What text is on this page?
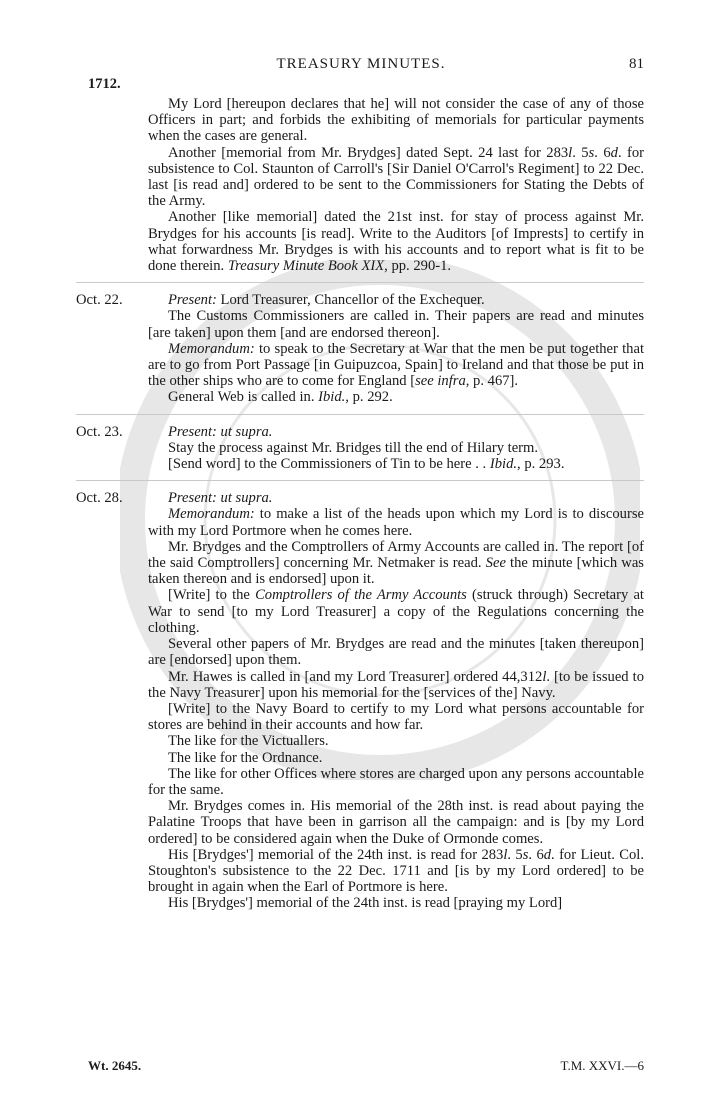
TREASURY MINUTES.	81
1712.

My Lord [hereupon declares that he] will not consider the case of any of those Officers in part; and forbids the exhibiting of memorials for particular payments when the cases are general.

Another [memorial from Mr. Brydges] dated Sept. 24 last for 283l. 5s. 6d. for subsistence to Col. Staunton of Carroll's [Sir Daniel O'Carrol's Regiment] to 22 Dec. last [is read and] ordered to be sent to the Commissioners for Stating the Debts of the Army.

Another [like memorial] dated the 21st inst. for stay of process against Mr. Brydges for his accounts [is read]. Write to the Auditors [of Imprests] to certify in what forwardness Mr. Brydges is with his accounts and to report what is fit to be done therein. Treasury Minute Book XIX, pp. 290-1.

Oct. 22.	Present: Lord Treasurer, Chancellor of the Exchequer.

The Customs Commissioners are called in. Their papers are read and minutes [are taken] upon them [and are endorsed thereon].

Memorandum: to speak to the Secretary at War that the men be put together that are to go from Port Passage [in Guipuzcoa, Spain] to Ireland and that those be put in the other ships who are to come for England [see infra, p. 467].

General Web is called in. Ibid., p. 292.

Oct. 23.	Present: ut supra.

Stay the process against Mr. Bridges till the end of Hilary term.

[Send word] to the Commissioners of Tin to be here . . Ibid., p. 293.

Oct. 28.	Present: ut supra.

Memorandum: to make a list of the heads upon which my Lord is to discourse with my Lord Portmore when he comes here.

Mr. Brydges and the Comptrollers of Army Accounts are called in. The report [of the said Comptrollers] concerning Mr. Netmaker is read. See the minute [which was taken thereon and is endorsed] upon it.

[Write] to the Comptrollers of the Army Accounts (struck through) Secretary at War to send [to my Lord Treasurer] a copy of the Regulations concerning the clothing.

Several other papers of Mr. Brydges are read and the minutes [taken thereupon] are [endorsed] upon them.

Mr. Hawes is called in [and my Lord Treasurer] ordered 44,312l. [to be issued to the Navy Treasurer] upon his memorial for the [services of the] Navy.

[Write] to the Navy Board to certify to my Lord what persons accountable for stores are behind in their accounts and how far.

The like for the Victuallers.

The like for the Ordnance.

The like for other Offices where stores are charged upon any persons accountable for the same.

Mr. Brydges comes in. His memorial of the 28th inst. is read about paying the Palatine Troops that have been in garrison all the campaign: and is [by my Lord ordered] to be considered again when the Duke of Ormonde comes.

His [Brydges'] memorial of the 24th inst. is read for 283l. 5s. 6d. for Lieut. Col. Stoughton's subsistence to the 22 Dec. 1711 and [is by my Lord ordered] to be brought in again when the Earl of Portmore is here.

His [Brydges'] memorial of the 24th inst. is read [praying my Lord]

Wt. 2645.	T.M. XXVI.—6
